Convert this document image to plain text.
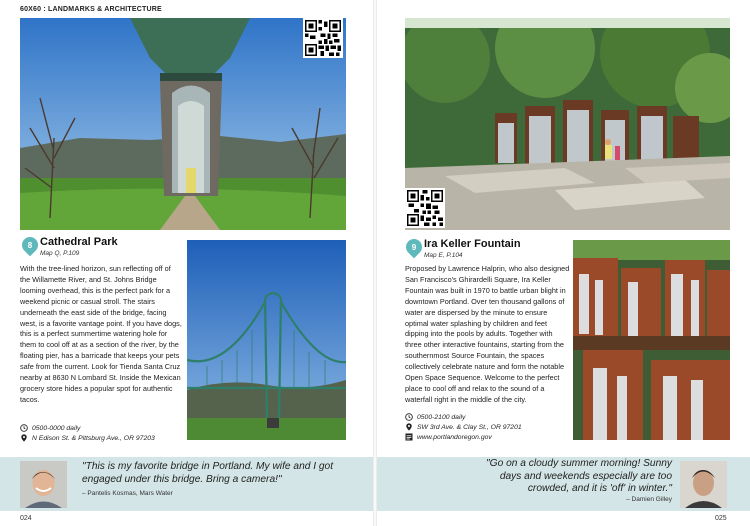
60X60 : LANDMARKS & ARCHITECTURE
8 Cathedral Park
Map Q, P.109
With the tree-lined horizon, sun reflecting off of the Willamette River, and St. Johns Bridge looming overhead, this is the perfect park for a weekend picnic or casual stroll. The stairs underneath the east side of the bridge, facing west, is a favorite vantage point. If you have dogs, this is a perfect summertime watering hole for them to cool off at as a section of the river, by the floating pier, has a barricade that keeps your pets safe from the current. Look for Tienda Santa Cruz nearby at 8630 N Lombard St. Inside the Mexican grocery store hides a popular spot for authentic tacos.
0500-0000 daily
N Edison St. & Pittsburg Ave., OR 97203
"This is my favorite bridge in Portland. My wife and I got engaged under this bridge. Bring a camera!"
– Pantelis Kosmas, Mars Water
024
9 Ira Keller Fountain
Map E, P.104
Proposed by Lawrence Halprin, who also designed San Francisco's Ghirardelli Square, Ira Keller Fountain was built in 1970 to battle urban blight in downtown Portland. Over ten thousand gallons of water are dispersed by the minute to ensure optimal water splashing by children and feet dipping into the pools by adults. Together with three other interactive fountains, starting from the southernmost Source Fountain, the spaces collectively celebrate nature and form the notable Open Space Sequence. Welcome to the perfect place to cool off and relax to the sound of a waterfall right in the middle of the city.
0500-2100 daily
SW 3rd Ave. & Clay St., OR 97201
www.portlandoregon.gov
"Go on a cloudy summer morning! Sunny days and weekends especially are too crowded, and it is 'off' in winter."
– Damien Gilley
025
